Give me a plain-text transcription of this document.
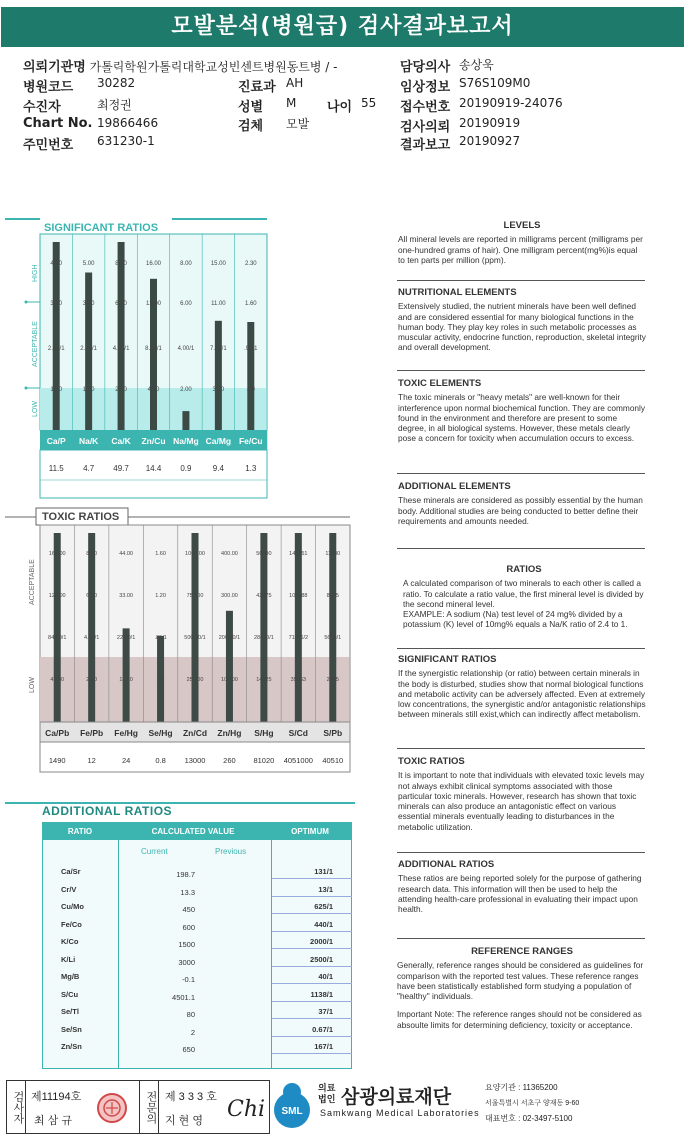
모발분석(병원급) 검사결과보고서
의뢰기관명 가톨릭학원가톨릭대학교성빈센트병원동트병 / -
병원코드 30282
수진자	최정권
Chart No. 19866466
주민번호 631230-1
진료과 AH
성별 M 나이 55
검체 모발
담당의사 송상욱
임상정보 S76S109M0
접수번호 20190919-24076
검사의뢰 20190919
결과보고 20190927
SIGNIFICANT RATIOS
HIGH
ACCEPTABLE
LOW
4.00
3.60
2.60/1
1.60
5.00
3.40
2.40/1
1.40
8.20
6.20
4.20/1
2.20
16.00
12.00
8.00/1
4.00
8.00
6.00
4.00/1
2.00
15.00
11.00
7.00/1
3.00
2.30
1.60
.90/1
.20
Ca/P Na/K Ca/K Zn/Cu Na/Mg Ca/Mg Fe/Cu
11.5 4.7 49.7 14.4 0.9	9.4	1.3
TOXIC RATIOS
ACCEPTABLE
LOW
168.00
126.00
84.00/1
42.00
8.80
6.60
4.40/1
2.20
44.00
33.00
22.00/1
11.00
1.60
1.20
.80/1
.40
1000.00
750.00
500.00/1
250.00
400.00
300.00
200.00/1
100.00
56900
42675
28450/1
14225
142251
106688
71126/2
35563
11380
8535
5690/1
2845
Ca/Pb Fe/Pb Fe/Hg Se/Hg Zn/Cd Zn/Hg S/Hg S/Cd S/Pb
1490	12	24	0.8	13000 260 81020 4051000 40510
ADDITIONAL RATIOS
RATIO	CALCULATED VALUE	OPTIMUM
Current	Previous
Ca/Sr	198.7	131/1
Cr/V	13.3	13/1
Cu/Mo	450	625/1
Fe/Co	600	440/1
K/Co	1500	2000/1
K/Li	3000	2500/1
Mg/B	-0.1	40/1
S/Cu	4501.1	1138/1
Se/Tl	80	37/1
Se/Sn	2	0.67/1
Zn/Sn	650	167/1
LEVELS

All mineral levels are reported in milligrams percent (milligrams per one-hundred grams of hair). One milligram percent(mg%)is equal to ten parts per million (ppm).

NUTRITIONAL ELEMENTS

Extensively studied, the nutrient minerals have been well defined and are considered essential for many biological functions in the human body. They play key roles in such metabolic processes as muscular activity, endocrine function, reproduction, skeletal integrity and overall development.

TOXIC ELEMENTS

The toxic minerals or "heavy metals" are well-known for their interference upon normal biochemical function. They are commonly found in the environment and therefore are present to some degree, in all biological systems. However, these metals clearly pose a concern for toxicity when accumulation occurs to excess.

ADDITIONAL ELEMENTS

These minerals are considered as possibly essential by the human body. Additional studies are being conducted to better define their requirements and amounts needed.

RATIOS

A calculated comparison of two minerals to each other is called a ratio. To calculate a ratio value, the first mineral level is divided by the second mineral level.

EXAMPLE: A sodium (Na) test level of 24 mg% divided by a potassium (K) level of 10mg% equals a Na/K ratio of 2.4 to 1.

SIGNIFICANT RATIOS

If the synergistic relationship (or ratio) between certain minerals in the body is disturbed, studies show that normal biological functions and metabolic activity can be adversely affected. Even at extremely low concentrations, the synergistic and/or antagonistic relationships between minerals still exist,which can indirectly affect metabolism.

TOXIC RATIOS

It is important to note that individuals with elevated toxic levels may not always exhibit clinical symptoms associated with those particular toxic minerals. However, research has shown that toxic minerals can also produce an antagonistic effect on various essential minerals eventually leading to disturbances in the metabolic utilization.

ADDITIONAL RATIOS

These ratios are being reported solely for the purpose of gathering research data. This information will then be used to help the attending health-care professional in evaluating their impact upon health.

REFERENCE RANGES

Generally, reference ranges should be considered as guidelines for comparison with the reported test values. These reference ranges have been statistically established form studying a population of "healthy" individuals.

Important Note: The reference ranges should not be considered as absoulte limits for determining deficiency, toxicity or acceptance.

검사자 제11194호
최 삼 규	전문의 제 3 3 3 호
지 현 영 Chi SML
의료
법인 삼광의료재단
Samkwang Medical Laboratories
요양기관 : 11365200
서울특별시 서초구 양재동 9-60
대표번호 : 02-3497-5100
